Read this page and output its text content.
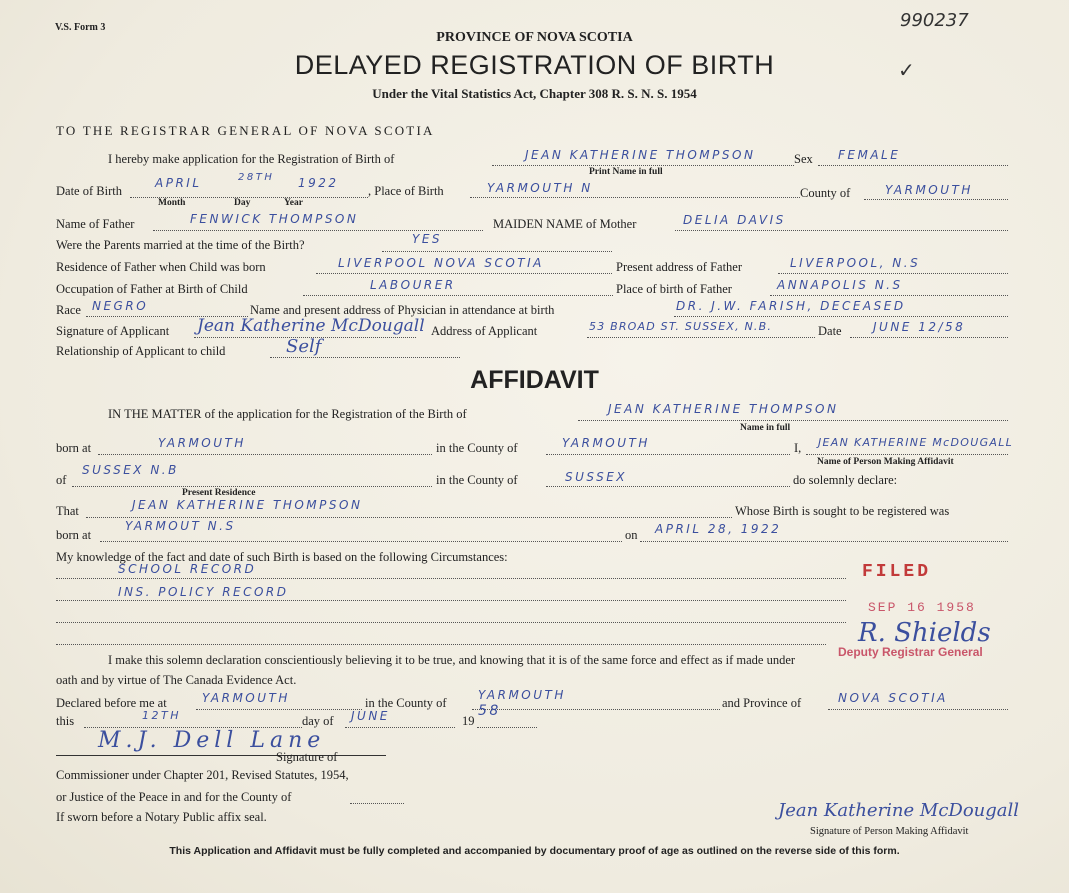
V.S. Form 3	990237
✓
PROVINCE OF NOVA SCOTIA
DELAYED REGISTRATION OF BIRTH
Under the Vital Statistics Act, Chapter 308 R. S. N. S. 1954
TO THE REGISTRAR GENERAL OF NOVA SCOTIA
I hereby make application for the Registration of Birth of	JEAN KATHERINE THOMPSON
Print Name in full
Sex FEMALE
Date of Birth
APRIL	28TH 1922
Month	Day	Year
, Place of Birth	YARMOUTH N	County of	YARMOUTH
Name of Father	FENWICK THOMPSON	MAIDEN NAME of Mother	DELIA DAVIS
Were the Parents married at the time of the Birth?	YES
Residence of Father when Child was born	LIVERPOOL NOVA SCOTIA	Present address of Father	LIVERPOOL, N.S
Occupation of Father at Birth of Child	LABOURER	Place of birth of Father	ANNAPOLIS N.S
Race NEGRO	Name and present address of Physician in attendance at birth	DR. J.W. FARISH, DECEASED
Signature of Applicant Jean Katherine McDougall Address of Applicant	53 BROAD ST. SUSSEX, N.B.	Date	JUNE 12/58
Relationship of Applicant to child	Self
AFFIDAVIT
IN THE MATTER of the application for the Registration of the Birth of	JEAN KATHERINE THOMPSON
Name in full
born at	YARMOUTH	in the County of	YARMOUTH	I, JEAN KATHERINE McDOUGALL
Name of Person Making Affidavit
of
SUSSEX N.B
Present Residence
in the County of	SUSSEX	do solemnly declare:
That	JEAN KATHERINE THOMPSON	Whose Birth is sought to be registered was
born at
YARMOUT N.S
on APRIL 28, 1922
My knowledge of the fact and date of such Birth is based on the following Circumstances:
SCHOOL RECORD
INS. POLICY RECORD
I make this solemn declaration conscientiously believing it to be true, and knowing that it is of the same force and effect as if made under
oath and by virtue of The Canada Evidence Act.
Declared before me at	YARMOUTH	in the County of
YARMOUTH
and Province of	NOVA SCOTIA
this	12TH	day of JUNE	19
58
M.J. Dell Lane
Signature of
Commissioner under Chapter 201, Revised Statutes, 1954,
or Justice of the Peace in and for the County of
If sworn before a Notary Public affix seal.	Jean Katherine McDougall
Signature of Person Making Affidavit
FILED
SEP 16 1958
R. Shields
Deputy Registrar General
This Application and Affidavit must be fully completed and accompanied by documentary proof of age as outlined on the reverse side of this form.
